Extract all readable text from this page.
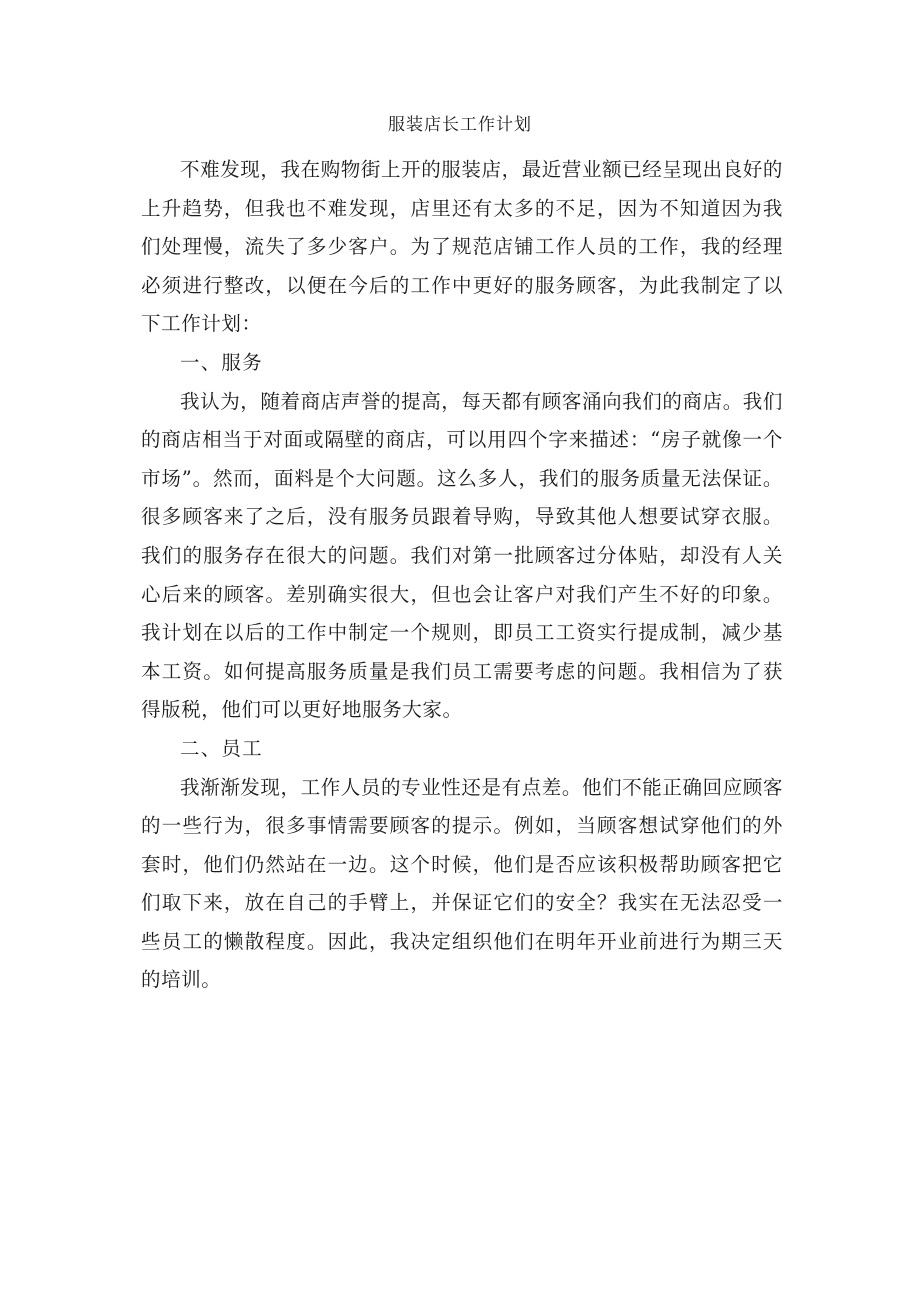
服装店长工作计划

不难发现，我在购物街上开的服装店，最近营业额已经呈现出良好的上升趋势，但我也不难发现，店里还有太多的不足，因为不知道因为我们处理慢，流失了多少客户。为了规范店铺工作人员的工作，我的经理必须进行整改，以便在今后的工作中更好的服务顾客，为此我制定了以下工作计划：

一、服务

我认为，随着商店声誉的提高，每天都有顾客涌向我们的商店。我们的商店相当于对面或隔壁的商店，可以用四个字来描述：“房子就像一个市场”。然而，面料是个大问题。这么多人，我们的服务质量无法保证。很多顾客来了之后，没有服务员跟着导购，导致其他人想要试穿衣服。我们的服务存在很大的问题。我们对第一批顾客过分体贴，却没有人关心后来的顾客。差别确实很大，但也会让客户对我们产生不好的印象。我计划在以后的工作中制定一个规则，即员工工资实行提成制，减少基本工资。如何提高服务质量是我们员工需要考虑的问题。我相信为了获得版税，他们可以更好地服务大家。

二、员工

我渐渐发现，工作人员的专业性还是有点差。他们不能正确回应顾客的一些行为，很多事情需要顾客的提示。例如，当顾客想试穿他们的外套时，他们仍然站在一边。这个时候，他们是否应该积极帮助顾客把它们取下来，放在自己的手臂上，并保证它们的安全？我实在无法忍受一些员工的懒散程度。因此，我决定组织他们在明年开业前进行为期三天的培训。
